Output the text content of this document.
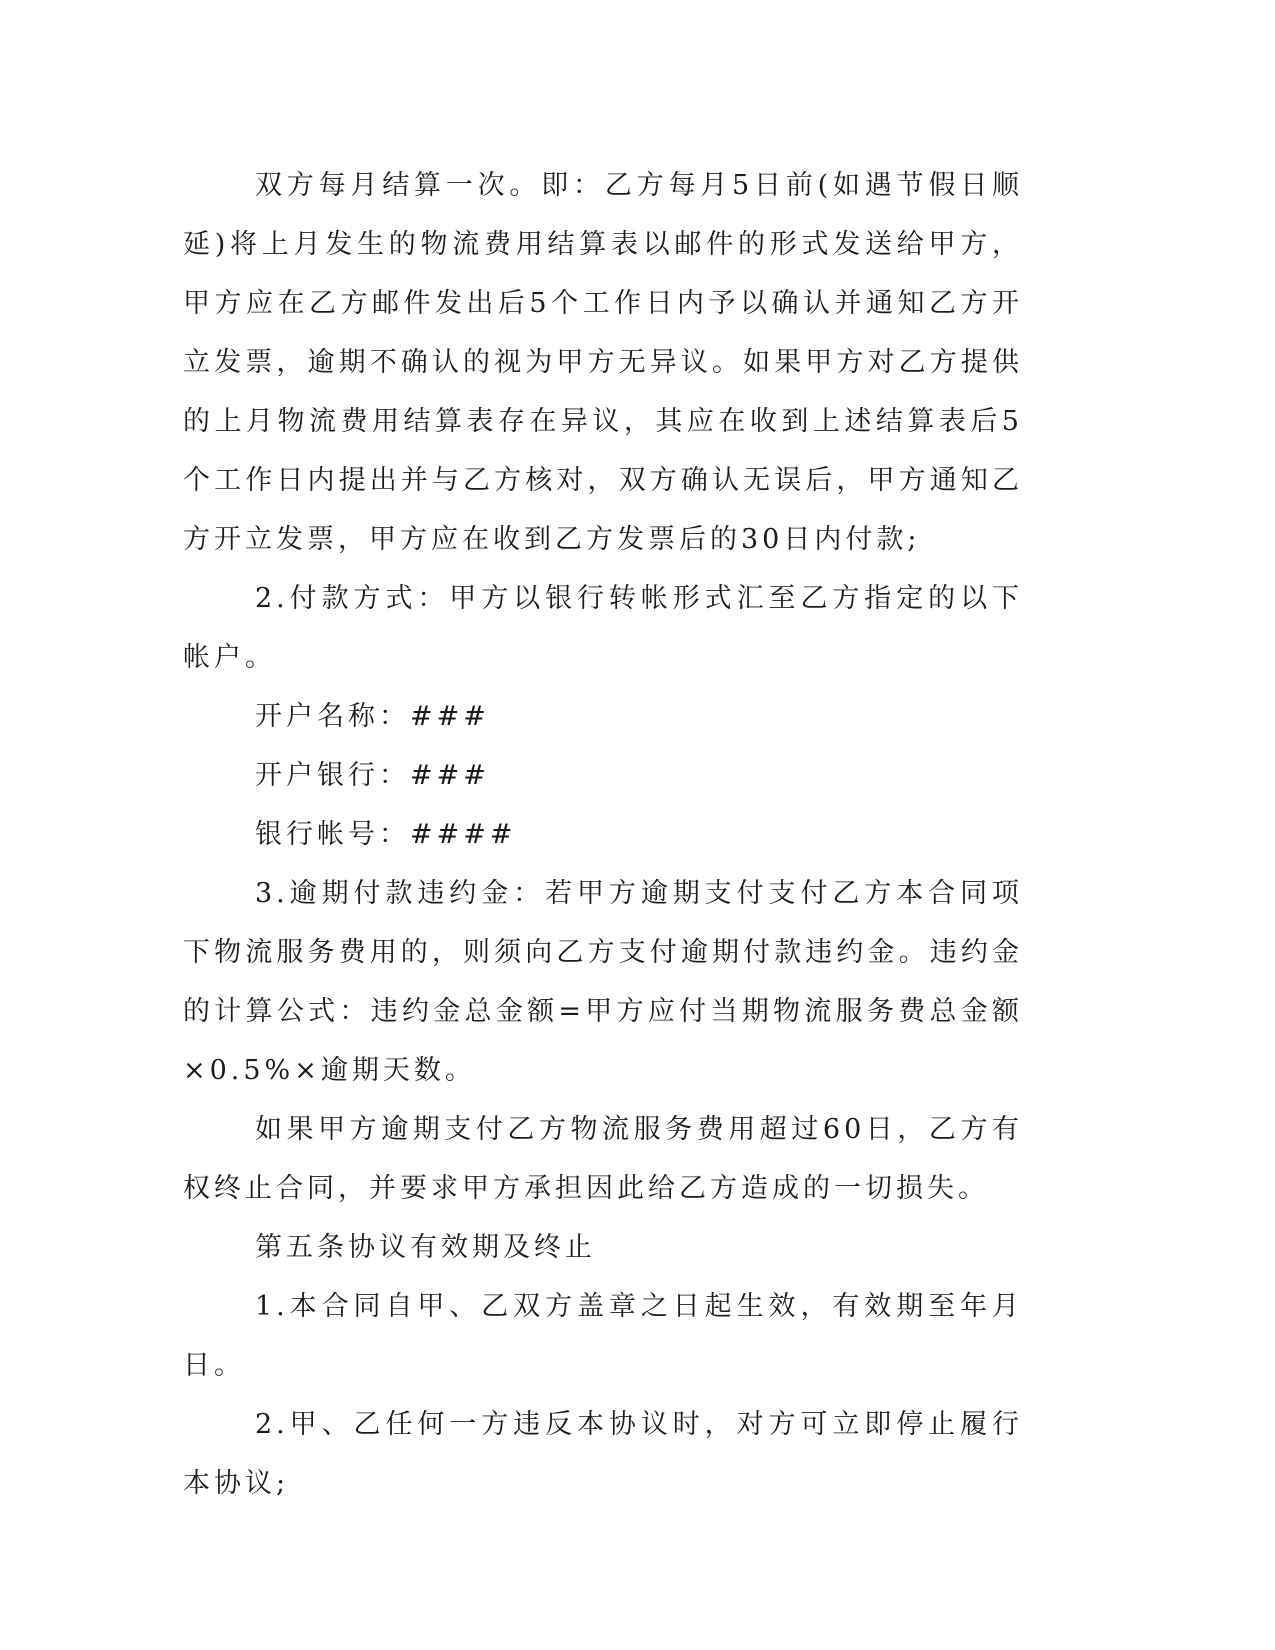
双方每月结算一次。即：乙方每月5日前(如遇节假日顺延)将上月发生的物流费用结算表以邮件的形式发送给甲方，甲方应在乙方邮件发出后5个工作日内予以确认并通知乙方开立发票，逾期不确认的视为甲方无异议。如果甲方对乙方提供的上月物流费用结算表存在异议，其应在收到上述结算表后5个工作日内提出并与乙方核对，双方确认无误后，甲方通知乙方开立发票，甲方应在收到乙方发票后的30日内付款;

2.付款方式：甲方以银行转帐形式汇至乙方指定的以下帐户。

开户名称：###

开户银行：###

银行帐号：####

3.逾期付款违约金：若甲方逾期支付支付乙方本合同项下物流服务费用的，则须向乙方支付逾期付款违约金。违约金的计算公式：违约金总金额=甲方应付当期物流服务费总金额×0.5%×逾期天数。

如果甲方逾期支付乙方物流服务费用超过60日，乙方有权终止合同，并要求甲方承担因此给乙方造成的一切损失。

第五条协议有效期及终止

1.本合同自甲、乙双方盖章之日起生效，有效期至年月日。

2.甲、乙任何一方违反本协议时，对方可立即停止履行本协议;
